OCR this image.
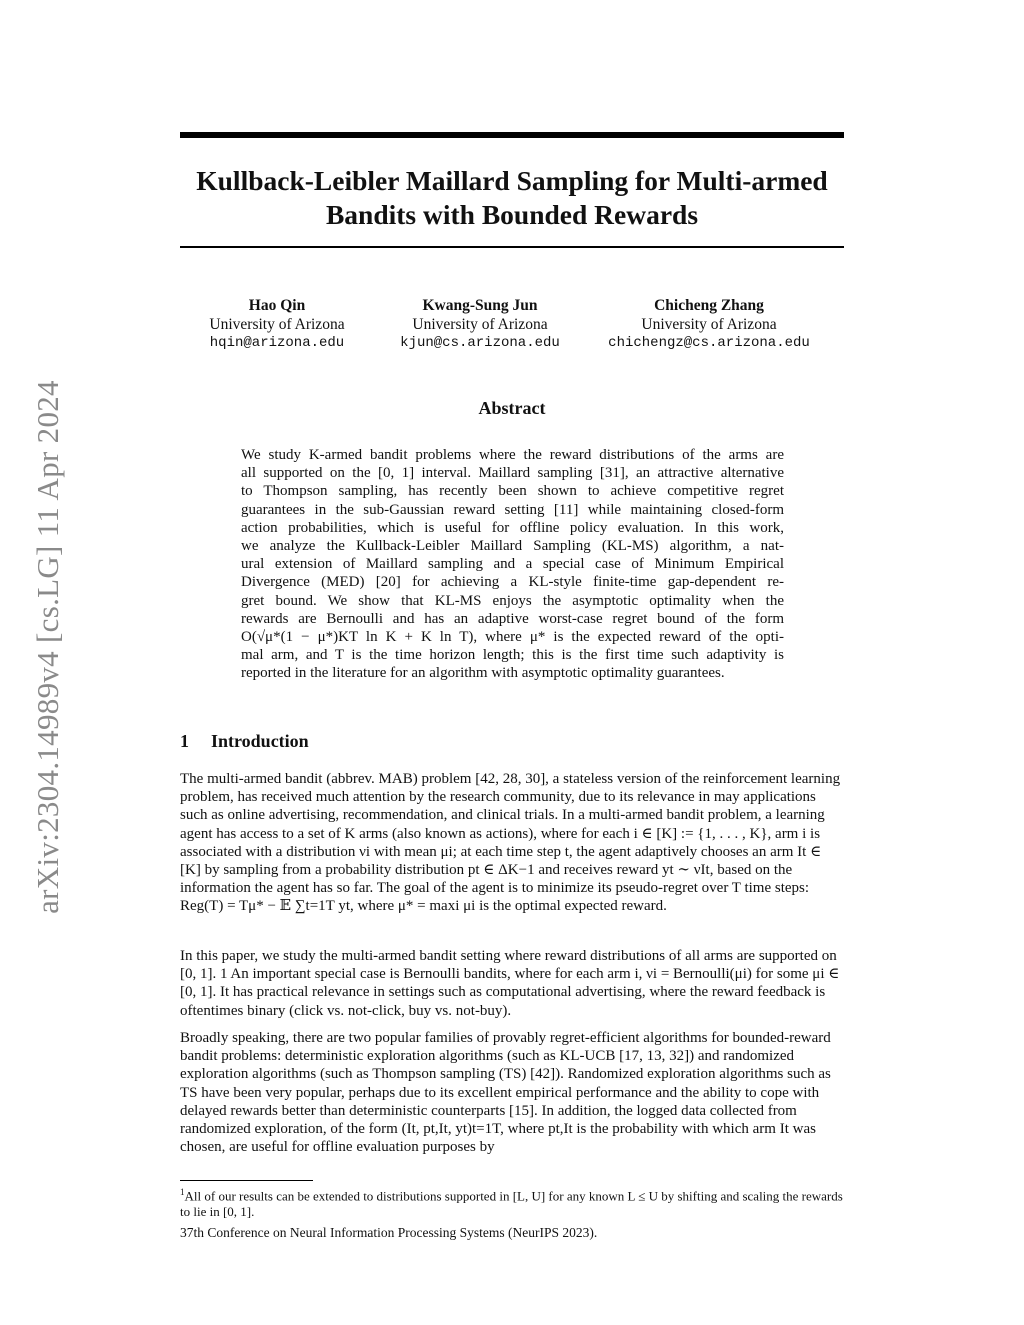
arXiv:2304.14989v4 [cs.LG] 11 Apr 2024
Kullback-Leibler Maillard Sampling for Multi-armed Bandits with Bounded Rewards
Hao Qin
University of Arizona
hqin@arizona.edu
Kwang-Sung Jun
University of Arizona
kjun@cs.arizona.edu
Chicheng Zhang
University of Arizona
chichengz@cs.arizona.edu
Abstract
We study K-armed bandit problems where the reward distributions of the arms are
all supported on the [0, 1] interval. Maillard sampling [31], an attractive alternative
to Thompson sampling, has recently been shown to achieve competitive regret
guarantees in the sub-Gaussian reward setting [11] while maintaining closed-form
action probabilities, which is useful for offline policy evaluation. In this work,
we analyze the Kullback-Leibler Maillard Sampling (KL-MS) algorithm, a nat-
ural extension of Maillard sampling and a special case of Minimum Empirical
Divergence (MED) [20] for achieving a KL-style finite-time gap-dependent re-
gret bound. We show that KL-MS enjoys the asymptotic optimality when the
rewards are Bernoulli and has an adaptive worst-case regret bound of the form
O(√μ*(1 − μ*)KT ln K + K ln T), where μ* is the expected reward of the opti-
mal arm, and T is the time horizon length; this is the first time such adaptivity is
reported in the literature for an algorithm with asymptotic optimality guarantees.
1 Introduction
The multi-armed bandit (abbrev. MAB) problem [42, 28, 30], a stateless version of the reinforcement learning problem, has received much attention by the research community, due to its relevance in may applications such as online advertising, recommendation, and clinical trials. In a multi-armed bandit problem, a learning agent has access to a set of K arms (also known as actions), where for each i ∈ [K] := {1, . . . , K}, arm i is associated with a distribution νi with mean μi; at each time step t, the agent adaptively chooses an arm It ∈ [K] by sampling from a probability distribution pt ∈ ΔK−1 and receives reward yt ∼ νIt, based on the information the agent has so far. The goal of the agent is to minimize its pseudo-regret over T time steps: Reg(T) = Tμ* − 𝔼 ∑t=1T yt, where μ* = maxi μi is the optimal expected reward.
In this paper, we study the multi-armed bandit setting where reward distributions of all arms are supported on [0, 1]. 1 An important special case is Bernoulli bandits, where for each arm i, νi = Bernoulli(μi) for some μi ∈ [0, 1]. It has practical relevance in settings such as computational advertising, where the reward feedback is oftentimes binary (click vs. not-click, buy vs. not-buy).
Broadly speaking, there are two popular families of provably regret-efficient algorithms for bounded-reward bandit problems: deterministic exploration algorithms (such as KL-UCB [17, 13, 32]) and randomized exploration algorithms (such as Thompson sampling (TS) [42]). Randomized exploration algorithms such as TS have been very popular, perhaps due to its excellent empirical performance and the ability to cope with delayed rewards better than deterministic counterparts [15]. In addition, the logged data collected from randomized exploration, of the form (It, pt,It, yt)t=1T, where pt,It is the probability with which arm It was chosen, are useful for offline evaluation purposes by
$^1$All of our results can be extended to distributions supported in [L, U] for any known L ≤ U by shifting and scaling the rewards to lie in [0, 1].
37th Conference on Neural Information Processing Systems (NeurIPS 2023).
